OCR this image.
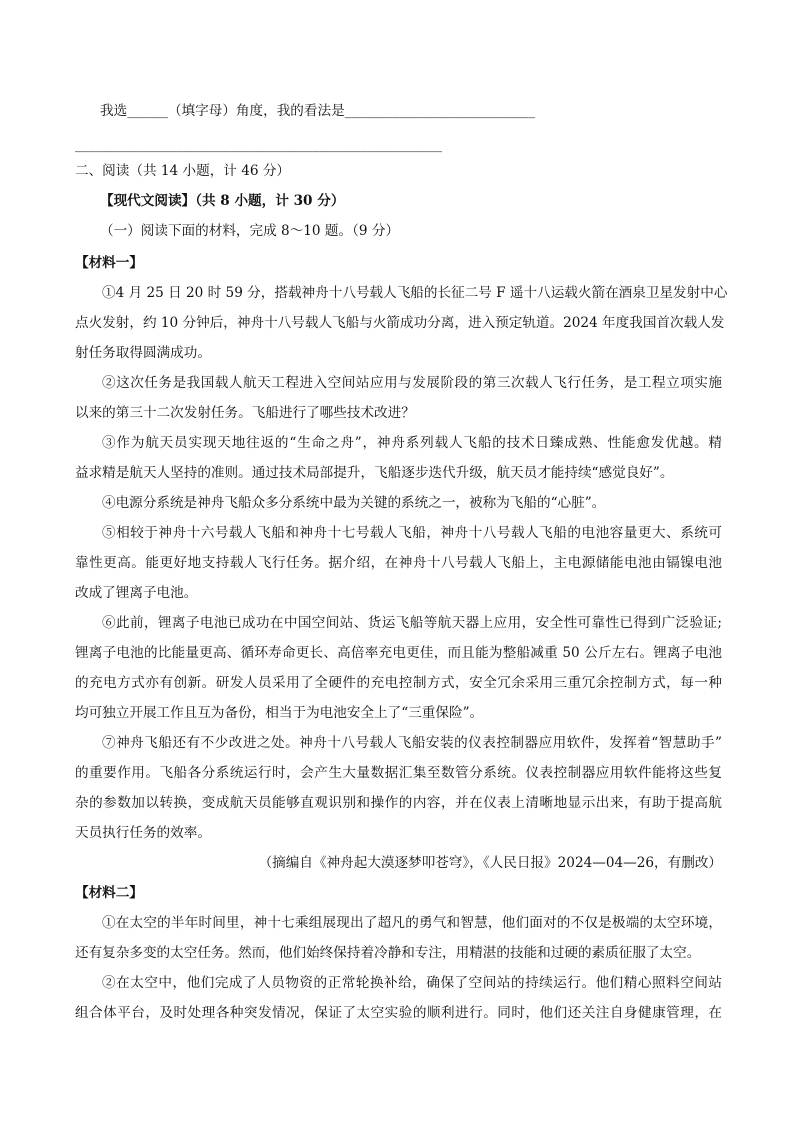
我选______（填字母）角度，我的看法是____________________________
______________________________________________________
二、阅读（共 14 小题，计 46 分）
【现代文阅读】（共 8 小题，计 30 分）
（一）阅读下面的材料，完成 8～10 题。（9 分）
【材料一】
①4 月 25 日 20 时 59 分，搭载神舟十八号载人飞船的长征二号 F 遥十八运载火箭在酒泉卫星发射中心
点火发射，约 10 分钟后，神舟十八号载人飞船与火箭成功分离，进入预定轨道。2024 年度我国首次载人发
射任务取得圆满成功。
②这次任务是我国载人航天工程进入空间站应用与发展阶段的第三次载人飞行任务，是工程立项实施
以来的第三十二次发射任务。飞船进行了哪些技术改进？
③作为航天员实现天地往返的“生命之舟”，神舟系列载人飞船的技术日臻成熟、性能愈发优越。精
益求精是航天人坚持的准则。通过技术局部提升，飞船逐步迭代升级，航天员才能持续“感觉良好”。
④电源分系统是神舟飞船众多分系统中最为关键的系统之一，被称为飞船的“心脏”。
⑤相较于神舟十六号载人飞船和神舟十七号载人飞船，神舟十八号载人飞船的电池容量更大、系统可
靠性更高。能更好地支持载人飞行任务。据介绍，在神舟十八号载人飞船上，主电源储能电池由镉镍电池
改成了锂离子电池。
⑥此前，锂离子电池已成功在中国空间站、货运飞船等航天器上应用，安全性可靠性已得到广泛验证;
锂离子电池的比能量更高、循环寿命更长、高倍率充电更佳，而且能为整船减重 50 公斤左右。锂离子电池
的充电方式亦有创新。研发人员采用了全硬件的充电控制方式，安全冗余采用三重冗余控制方式，每一种
均可独立开展工作且互为备份，相当于为电池安全上了“三重保险”。
⑦神舟飞船还有不少改进之处。神舟十八号载人飞船安装的仪表控制器应用软件，发挥着“智慧助手”
的重要作用。飞船各分系统运行时，会产生大量数据汇集至数管分系统。仪表控制器应用软件能将这些复
杂的参数加以转换，变成航天员能够直观识别和操作的内容，并在仪表上清晰地显示出来，有助于提高航
天员执行任务的效率。
（摘编自《神舟起大漠逐梦叩苍穹》，《人民日报》2024—04—26，有删改）
【材料二】
①在太空的半年时间里，神十七乘组展现出了超凡的勇气和智慧，他们面对的不仅是极端的太空环境，
还有复杂多变的太空任务。然而，他们始终保持着冷静和专注，用精湛的技能和过硬的素质征服了太空。
②在太空中，他们完成了人员物资的正常轮换补给，确保了空间站的持续运行。他们精心照料空间站
组合体平台，及时处理各种突发情况，保证了太空实验的顺利进行。同时，他们还关注自身健康管理，在
